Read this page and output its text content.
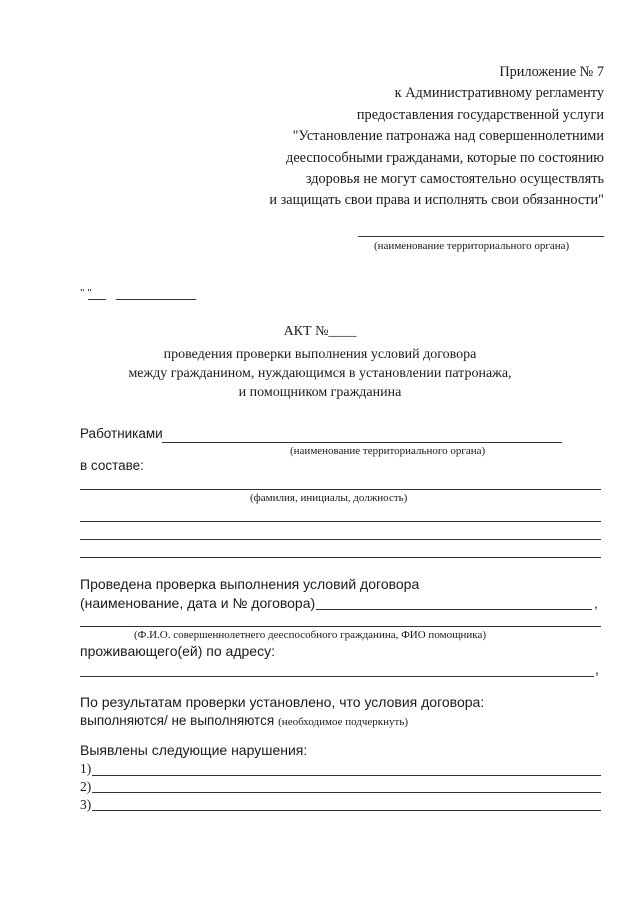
Приложение № 7
к Административному регламенту
предоставления государственной услуги
"Установление патронажа над совершеннолетними
дееспособными гражданами, которые по состоянию
здоровья не могут самостоятельно осуществлять
и защищать свои права и исполнять свои обязанности"
(наименование территориального органа)
" "
АКТ №____
проведения проверки выполнения условий договора
между гражданином, нуждающимся в установлении патронажа,
и помощником гражданина
Работниками
(наименование территориального органа)
в составе:
(фамилия, инициалы, должность)
Проведена проверка выполнения условий договора
(наименование, дата и № договора)	,
(Ф.И.О. совершеннолетнего дееспособного гражданина, ФИО помощника)
проживающего(ей) по адресу:
,
По результатам проверки установлено, что условия договора:
выполняются/ не выполняются (необходимое подчеркнуть)
Выявлены следующие нарушения:
1)
2)
3)
